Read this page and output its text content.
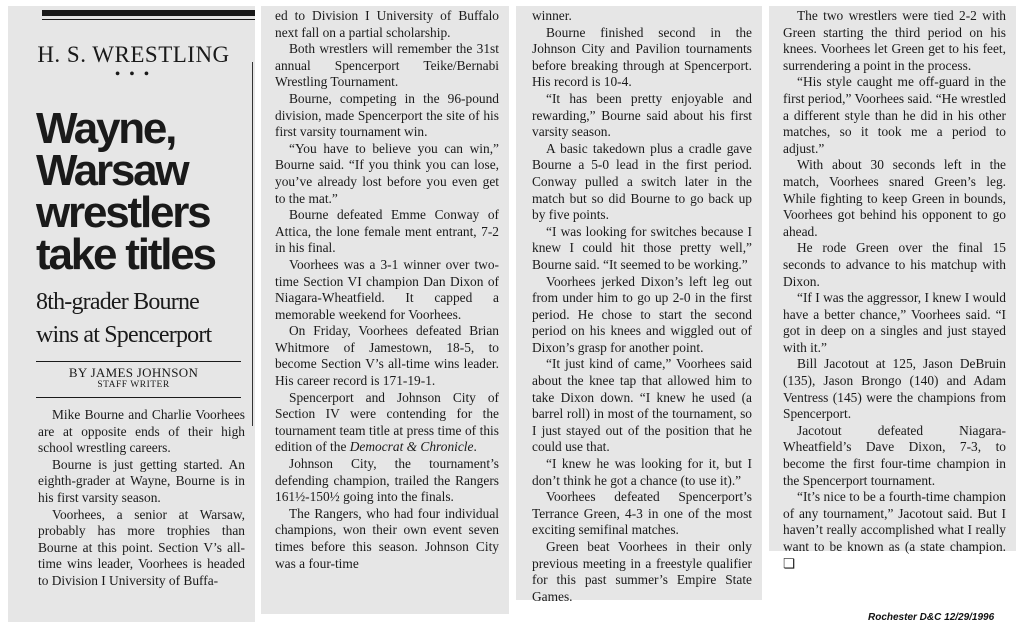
H. S. WRESTLING
• • •
Wayne,
Warsaw
wrestlers
take titles
8th-grader Bourne
wins at Spencerport
BY JAMES JOHNSON
STAFF WRITER

Mike Bourne and Charlie Voorhees are at opposite ends of their high school wrestling careers.

Bourne is just getting started. An eighth-grader at Wayne, Bourne is in his first varsity season.

Voorhees, a senior at Warsaw, probably has more trophies than Bourne at this point. Section V’s all-time wins leader, Voorhees is headed to Division I University of Buffa-

ed to Division I University of Buffalo next fall on a partial scholarship.

Both wrestlers will remember the 31st annual Spencerport Teike/Bernabi Wrestling Tournament.

Bourne, competing in the 96-pound division, made Spencerport the site of his first varsity tournament win.

“You have to believe you can win,” Bourne said. “If you think you can lose, you’ve already lost before you even get to the mat.”

Bourne defeated Emme Conway of Attica, the lone female ment entrant, 7-2 in his final.

Voorhees was a 3-1 winner over two-time Section VI champion Dan Dixon of Niagara-Wheatfield. It capped a memorable weekend for Voorhees.

On Friday, Voorhees defeated Brian Whitmore of Jamestown, 18-5, to become Section V’s all-time wins leader. His career record is 171-19-1.

Spencerport and Johnson City of Section IV were contending for the tournament team title at press time of this edition of the Democrat & Chronicle.

Johnson City, the tournament’s defending champion, trailed the Rangers 161½-150½ going into the finals.

The Rangers, who had four individual champions, won their own event seven times before this season. Johnson City was a four-time

winner.

Bourne finished second in the Johnson City and Pavilion tournaments before breaking through at Spencerport. His record is 10-4.

“It has been pretty enjoyable and rewarding,” Bourne said about his first varsity season.

A basic takedown plus a cradle gave Bourne a 5-0 lead in the first period. Conway pulled a switch later in the match but so did Bourne to go back up by five points.

“I was looking for switches because I knew I could hit those pretty well,” Bourne said. “It seemed to be working.”

Voorhees jerked Dixon’s left leg out from under him to go up 2-0 in the first period. He chose to start the second period on his knees and wiggled out of Dixon’s grasp for another point.

“It just kind of came,” Voorhees said about the knee tap that allowed him to take Dixon down. “I knew he used (a barrel roll) in most of the tournament, so I just stayed out of the position that he could use that.

“I knew he was looking for it, but I don’t think he got a chance (to use it).”

Voorhees defeated Spencerport’s Terrance Green, 4-3 in one of the most exciting semifinal matches.

Green beat Voorhees in their only previous meeting in a freestyle qualifier for this past summer’s Empire State Games.

The two wrestlers were tied 2-2 with Green starting the third period on his knees. Voorhees let Green get to his feet, surrendering a point in the process.

“His style caught me off-guard in the first period,” Voorhees said. “He wrestled a different style than he did in his other matches, so it took me a period to adjust.”

With about 30 seconds left in the match, Voorhees snared Green’s leg. While fighting to keep Green in bounds, Voorhees got behind his opponent to go ahead.

He rode Green over the final 15 seconds to advance to his matchup with Dixon.

“If I was the aggressor, I knew I would have a better chance,” Voorhees said. “I got in deep on a singles and just stayed with it.”

Bill Jacotout at 125, Jason DeBruin (135), Jason Brongo (140) and Adam Ventress (145) were the champions from Spencerport.

Jacotout defeated Niagara-Wheatfield’s Dave Dixon, 7-3, to become the first four-time champion in the Spencerport tournament.

“It’s nice to be a fourth-time champion of any tournament,” Jacotout said. But I haven’t really accomplished what I really want to be known as (a state champion. ❏

Rochester D&C 12/29/1996
